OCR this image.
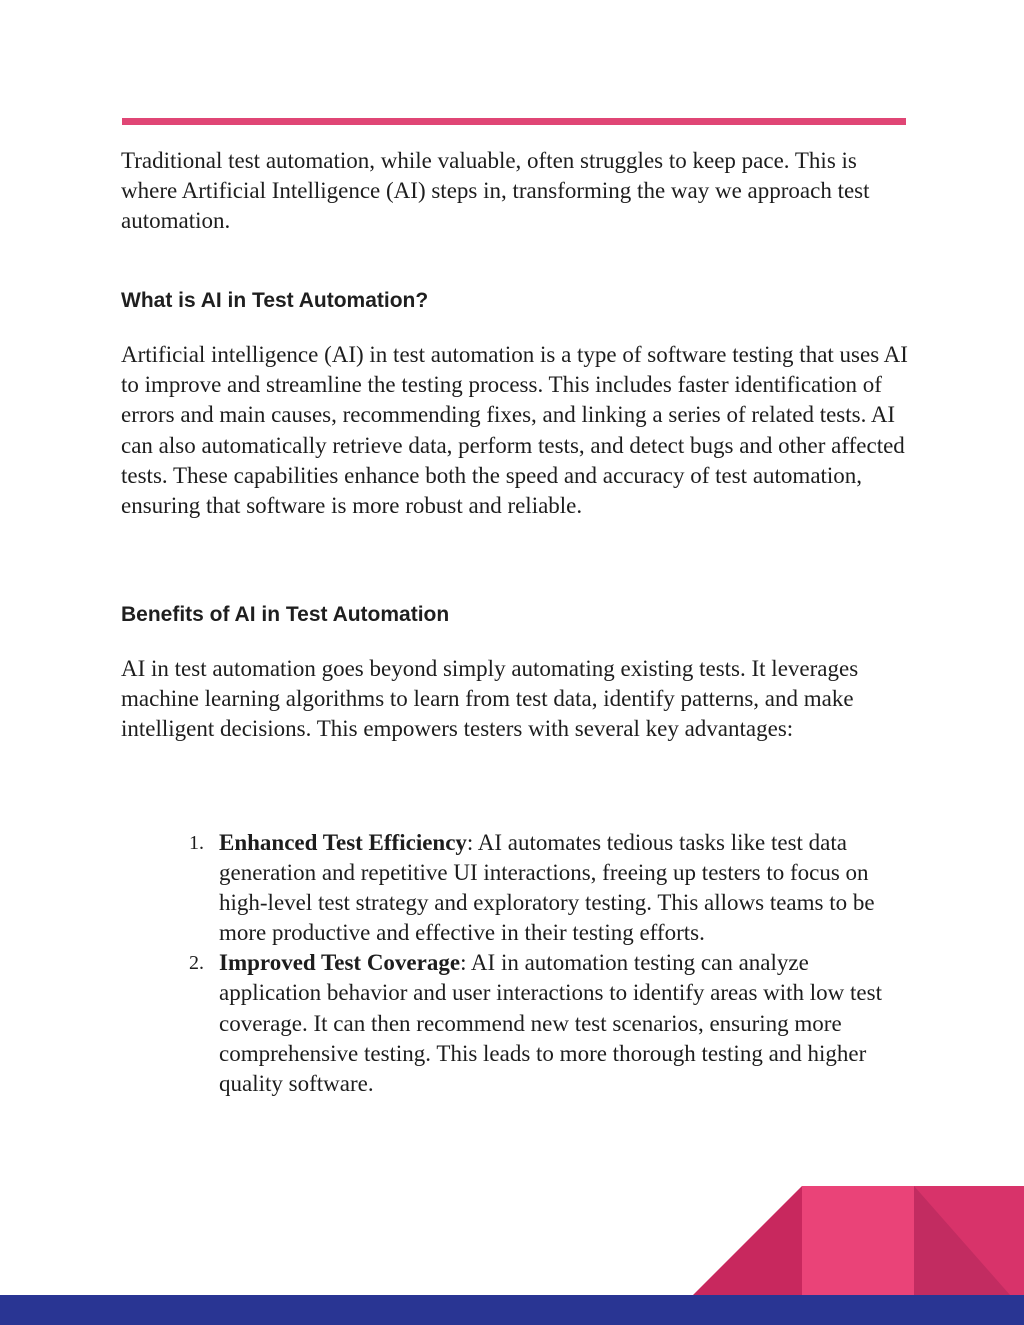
Traditional test automation, while valuable, often struggles to keep pace. This is where Artificial Intelligence (AI) steps in, transforming the way we approach test automation.

What is AI in Test Automation?

Artificial intelligence (AI) in test automation is a type of software testing that uses AI to improve and streamline the testing process. This includes faster identification of errors and main causes, recommending fixes, and linking a series of related tests. AI can also automatically retrieve data, perform tests, and detect bugs and other affected tests. These capabilities enhance both the speed and accuracy of test automation, ensuring that software is more robust and reliable.

Benefits of AI in Test Automation

AI in test automation goes beyond simply automating existing tests. It leverages machine learning algorithms to learn from test data, identify patterns, and make intelligent decisions. This empowers testers with several key advantages:

1. Enhanced Test Efficiency: AI automates tedious tasks like test data generation and repetitive UI interactions, freeing up testers to focus on high-level test strategy and exploratory testing. This allows teams to be more productive and effective in their testing efforts.
2. Improved Test Coverage: AI in automation testing can analyze application behavior and user interactions to identify areas with low test coverage. It can then recommend new test scenarios, ensuring more comprehensive testing. This leads to more thorough testing and higher quality software.
